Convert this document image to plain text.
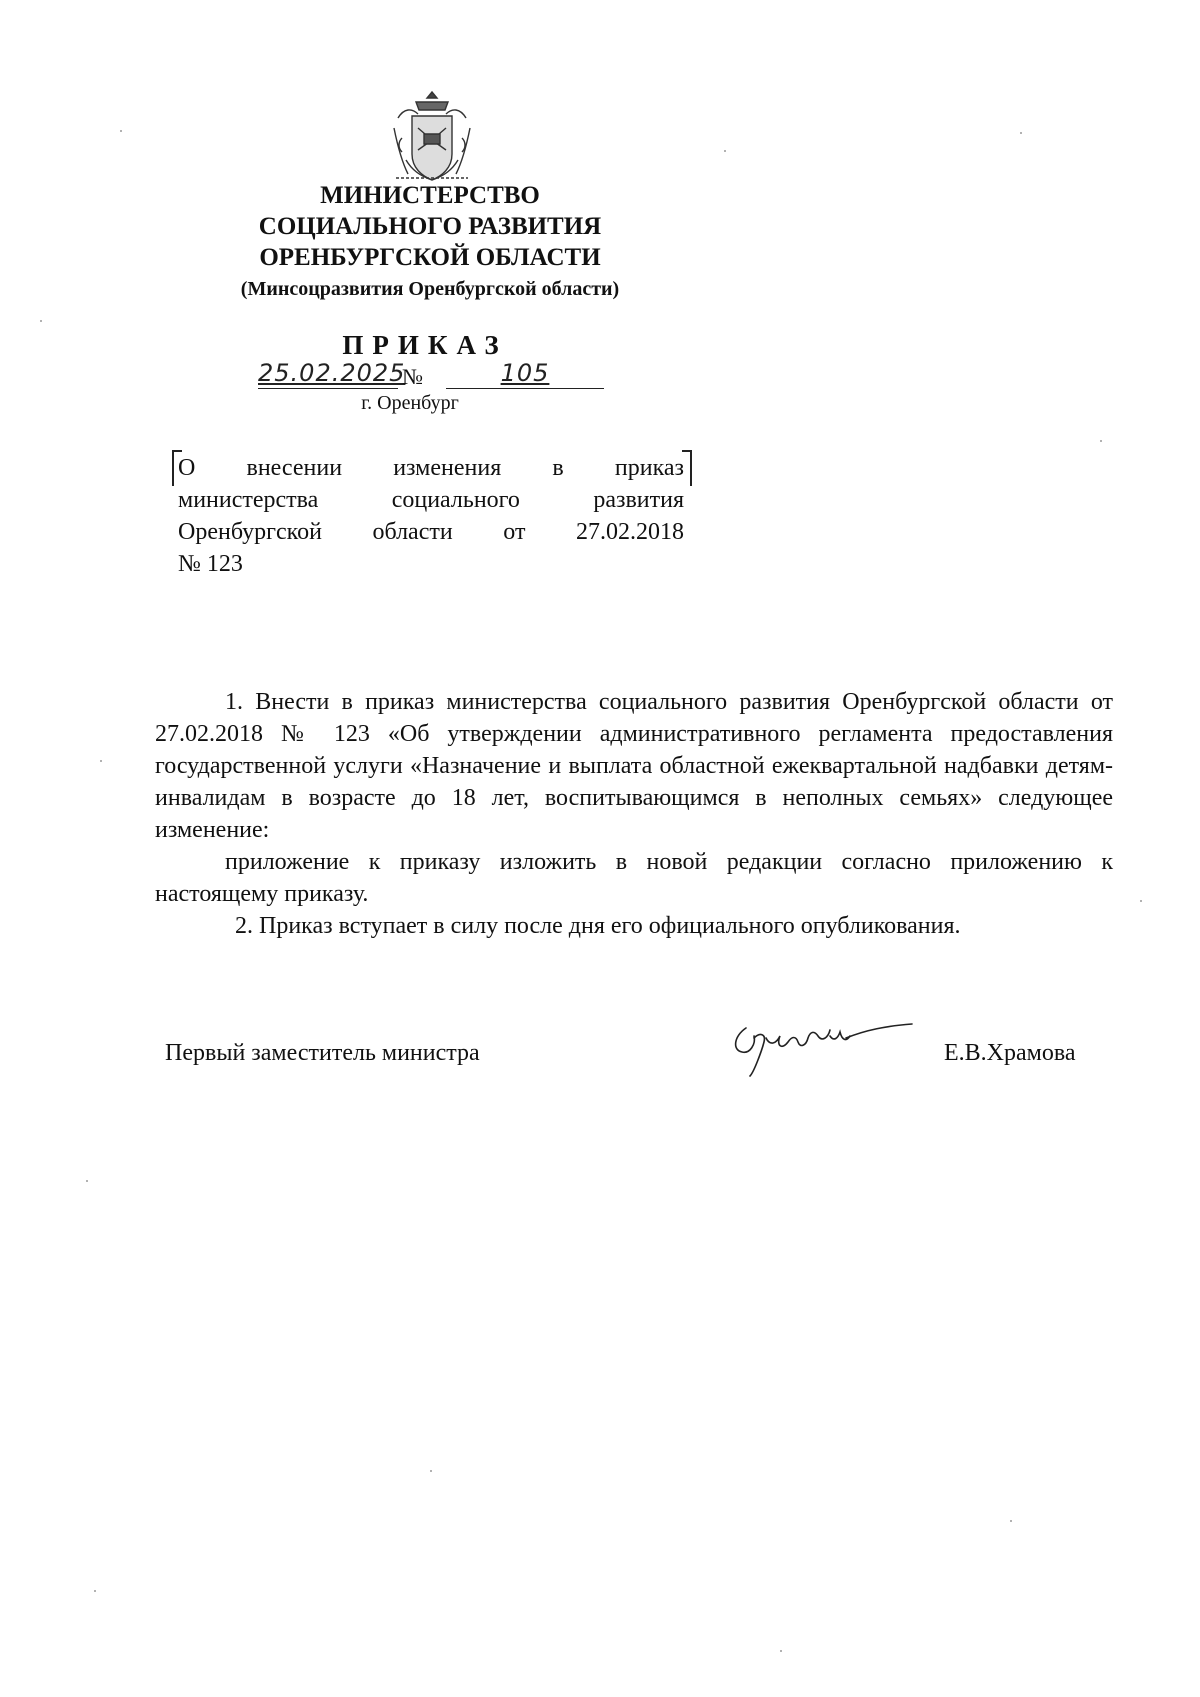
МИНИСТЕРСТВО
СОЦИАЛЬНОГО РАЗВИТИЯ
ОРЕНБУРГСКОЙ ОБЛАСТИ
(Минсоцразвития Оренбургской области)
ПРИКАЗ
25.02.2025
№	105
г. Оренбург
О внесении изменения в приказ
министерства социального развития
Оренбургской области от 27.02.2018
№ 123

1. Внести в приказ министерства социального развития Оренбургской области от 27.02.2018 № 123 «Об утверждении административного регламента предоставления государственной услуги «Назначение и выплата областной ежеквартальной надбавки детям-инвалидам в возрасте до 18 лет, воспитывающимся в неполных семьях» следующее изменение:

приложение к приказу изложить в новой редакции согласно приложению к настоящему приказу.

2. Приказ вступает в силу после дня его официального опубликования.

Первый заместитель министра	Е.В.Храмова
